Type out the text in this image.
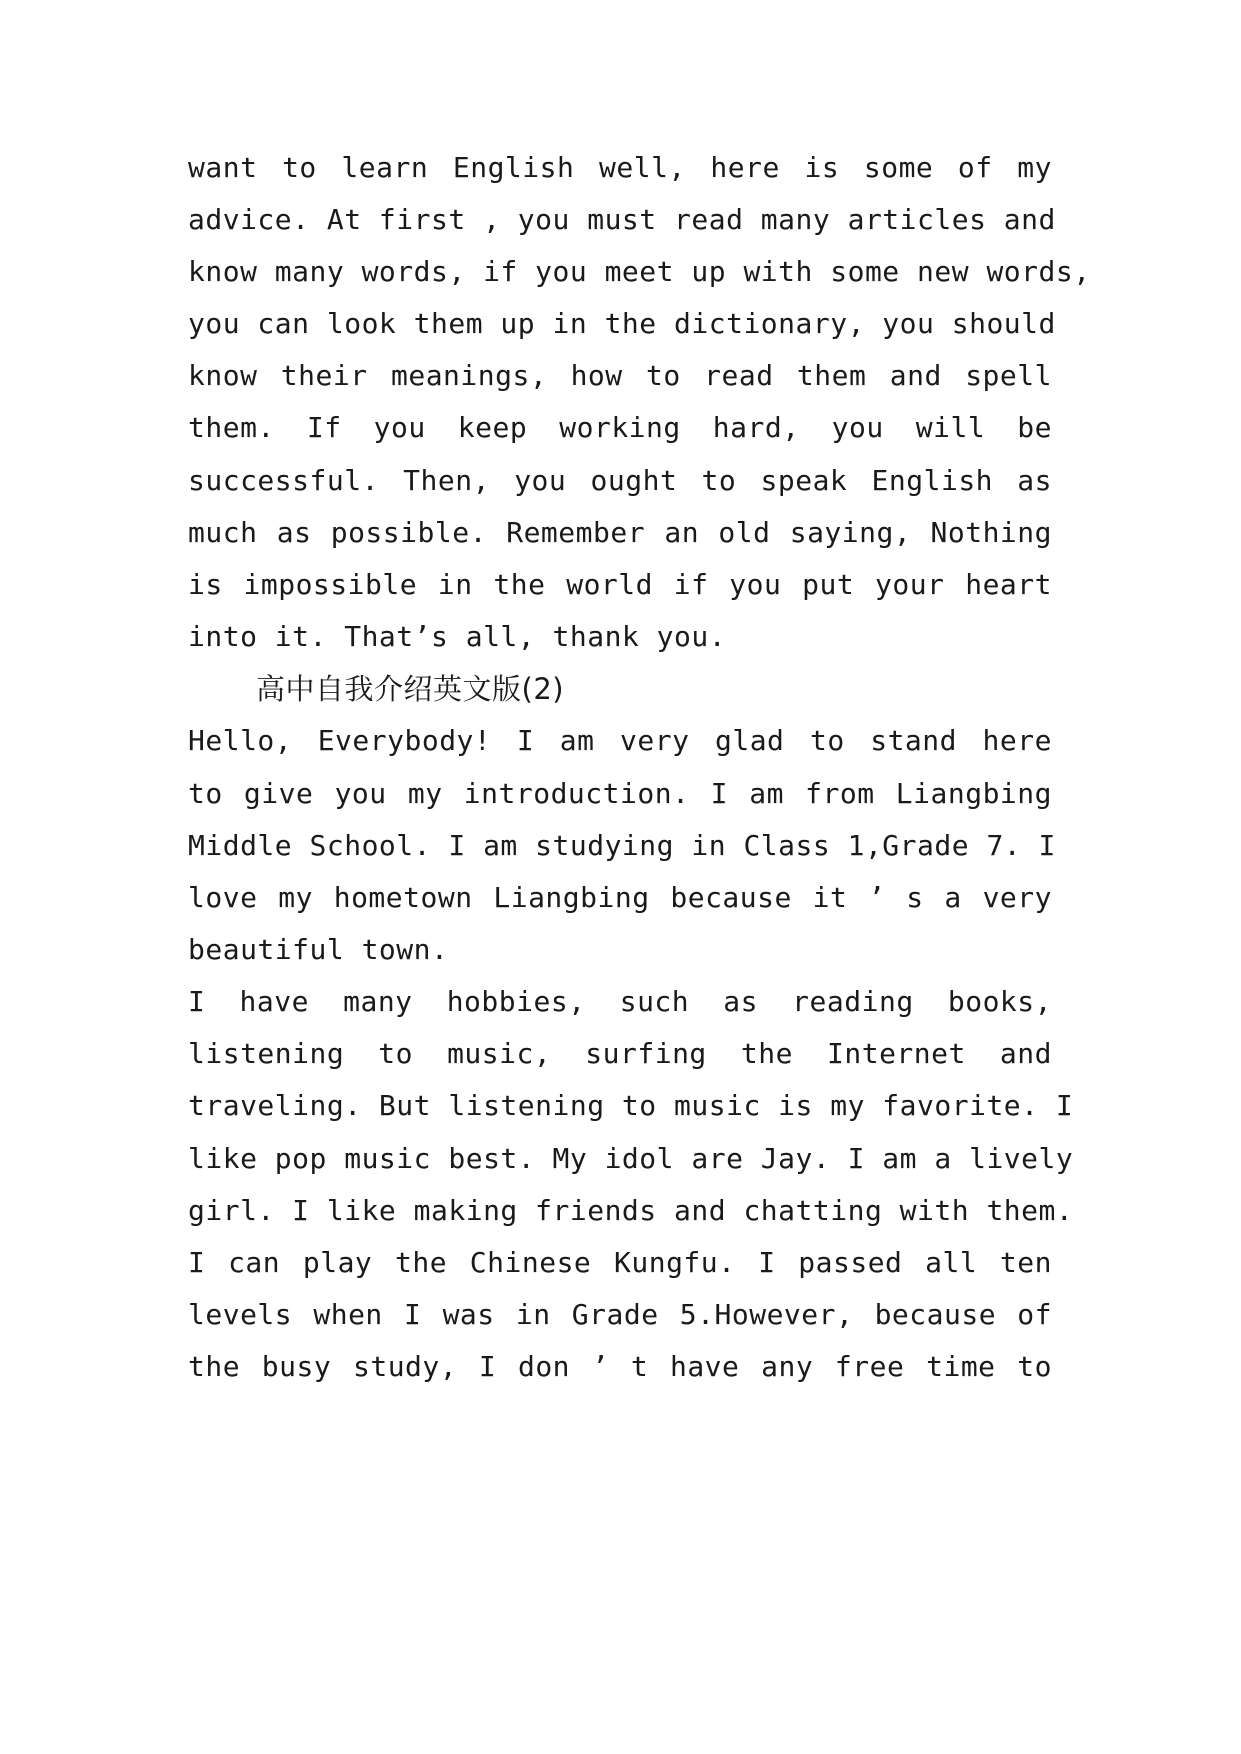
want to learn English well, here is some of my
advice. At first , you must read many articles and
know many words, if you meet up with some new words,
you can look them up in the dictionary, you should
know their meanings, how to read them and spell
them. If you keep working hard, you will be
successful. Then, you ought to speak English as
much as possible. Remember an old saying, Nothing
is impossible in the world if you put your heart
into it. That’s all, thank you.
高中自我介绍英文版(2)
Hello, Everybody! I am very glad to stand here
to give you my introduction. I am from Liangbing
Middle School. I am studying in Class 1,Grade 7. I
love my hometown Liangbing because it ’ s a very
beautiful town.
I have many hobbies, such as reading books,
listening to music, surfing the Internet and
traveling. But listening to music is my favorite. I
like pop music best. My idol are Jay. I am a lively
girl. I like making friends and chatting with them.
I can play the Chinese Kungfu. I passed all ten
levels when I was in Grade 5.However, because of
the busy study, I don ’ t have any free time to
